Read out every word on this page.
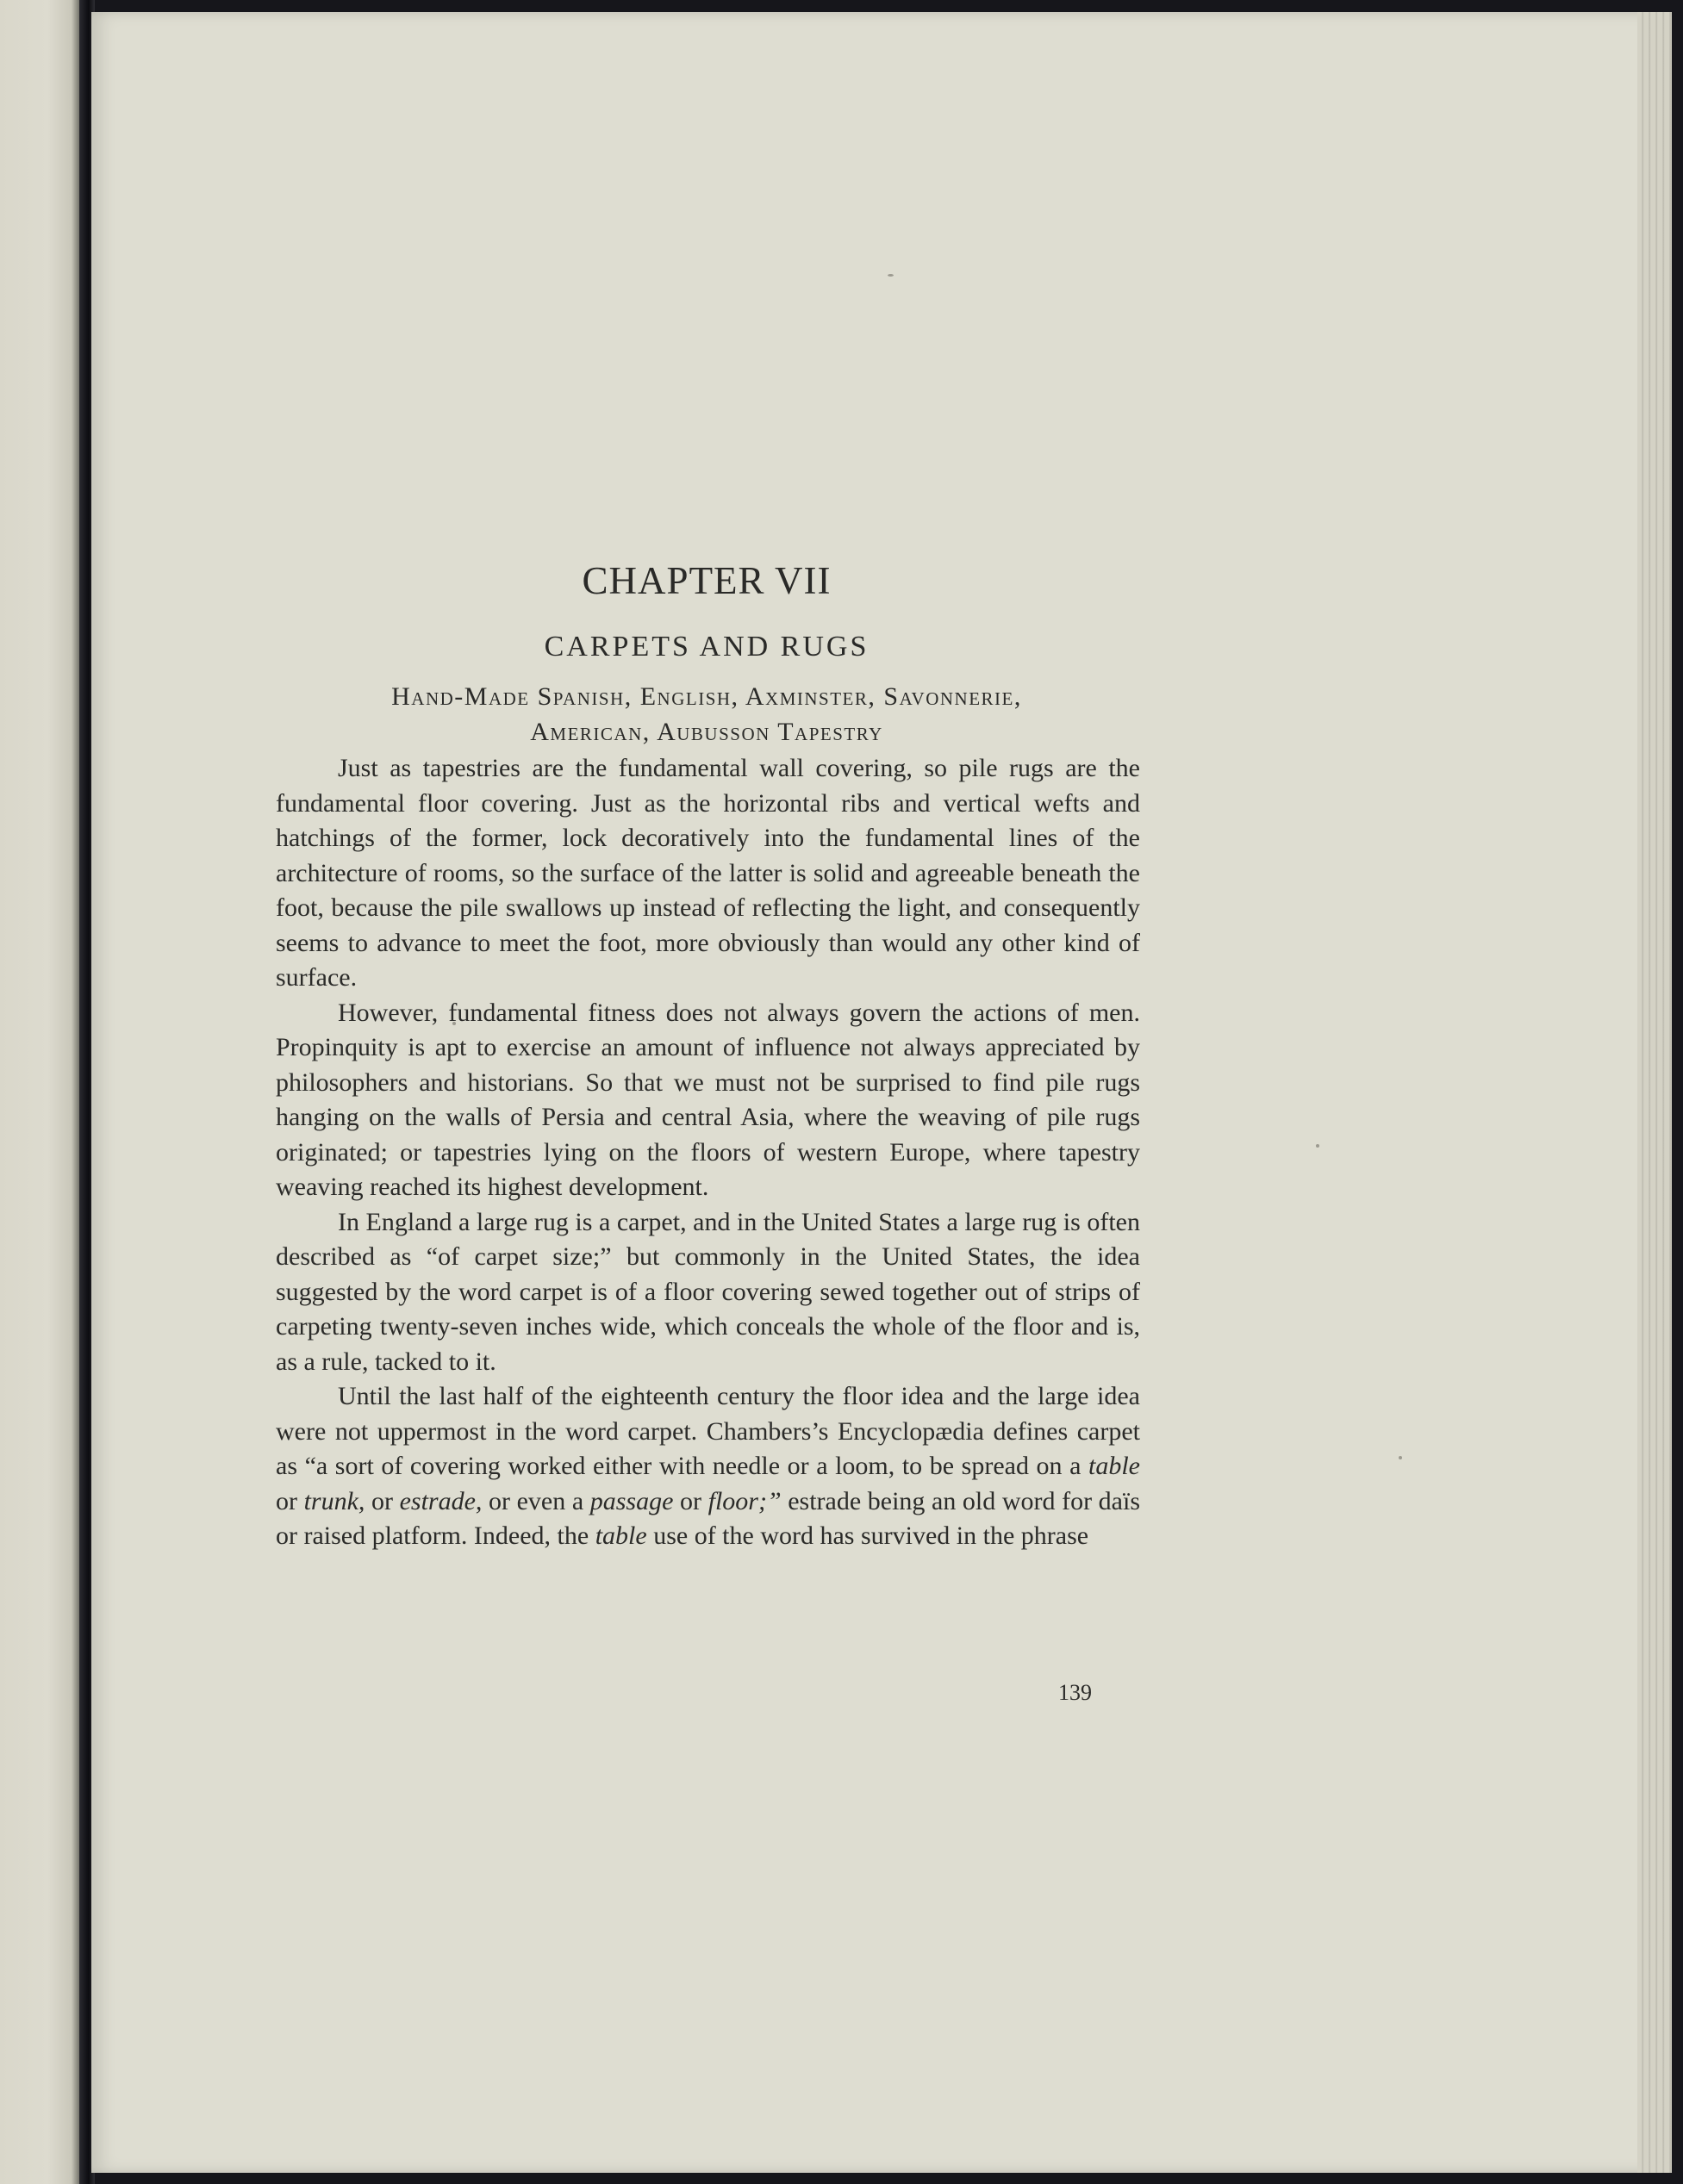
CHAPTER VII
CARPETS AND RUGS
Hand-Made Spanish, English, Axminster, Savonnerie,
American, Aubusson Tapestry

Just as tapestries are the fundamental wall covering, so pile rugs are the fundamental floor covering. Just as the horizontal ribs and vertical wefts and hatchings of the former, lock decoratively into the fundamental lines of the architecture of rooms, so the surface of the latter is solid and agreeable beneath the foot, because the pile swallows up instead of reflecting the light, and consequently seems to advance to meet the foot, more obviously than would any other kind of surface.

However, fundamental fitness does not always govern the actions of men. Propinquity is apt to exercise an amount of influence not always appreciated by philosophers and historians. So that we must not be surprised to find pile rugs hanging on the walls of Persia and central Asia, where the weaving of pile rugs originated; or tapestries lying on the floors of western Europe, where tapestry weaving reached its highest development.

In England a large rug is a carpet, and in the United States a large rug is often described as “of carpet size;” but commonly in the United States, the idea suggested by the word carpet is of a floor covering sewed together out of strips of carpeting twenty-seven inches wide, which conceals the whole of the floor and is, as a rule, tacked to it.

Until the last half of the eighteenth century the floor idea and the large idea were not uppermost in the word carpet. Chambers’s Encyclopædia defines carpet as “a sort of covering worked either with needle or a loom, to be spread on a table or trunk, or estrade, or even a passage or floor;” estrade being an old word for daïs or raised platform. Indeed, the table use of the word has survived in the phrase

139
